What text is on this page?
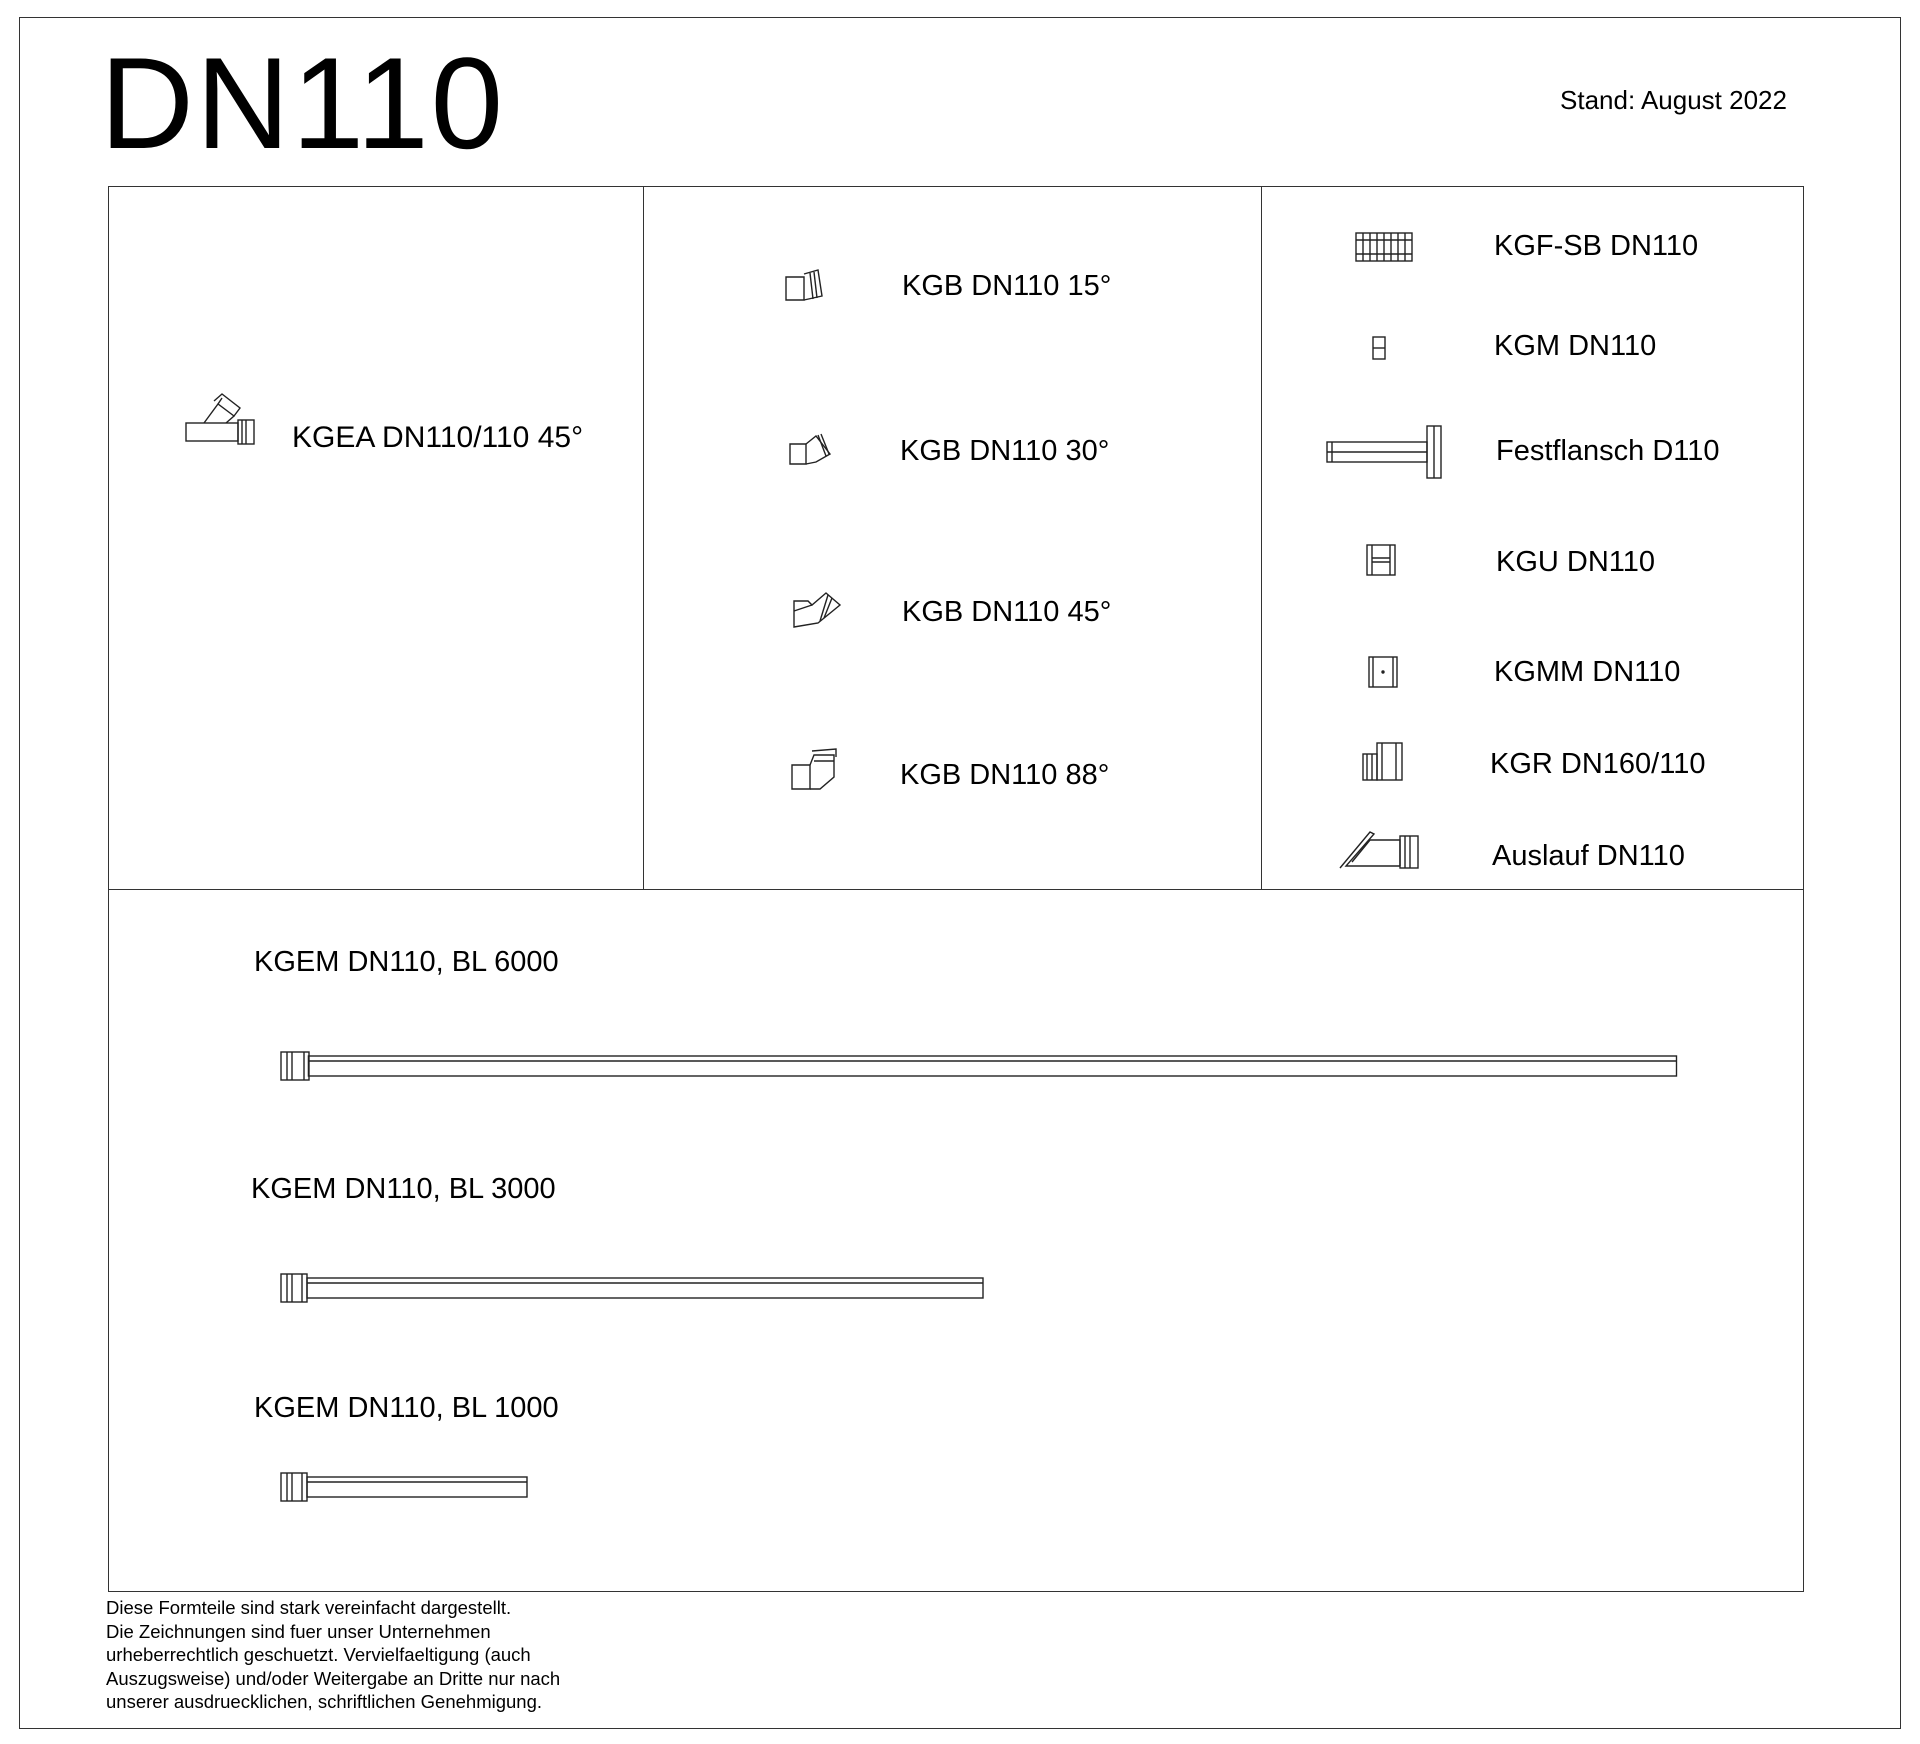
DN110	Stand: August 2022
KGEA DN110/110 45°
KGB DN110 15°
KGB DN110 30°
KGB DN110 45°
KGB DN110 88°
KGF-SB DN110
KGM DN110
Festflansch D110
KGU DN110
KGMM DN110
KGR DN160/110
Auslauf DN110
KGEM DN110, BL 6000
KGEM DN110, BL 3000
KGEM DN110, BL 1000
Diese Formteile sind stark vereinfacht dargestellt.
Die Zeichnungen sind fuer unser Unternehmen
urheberrechtlich geschuetzt. Vervielfaeltigung (auch
Auszugsweise) und/oder Weitergabe an Dritte nur nach
unserer ausdruecklichen, schriftlichen Genehmigung.
